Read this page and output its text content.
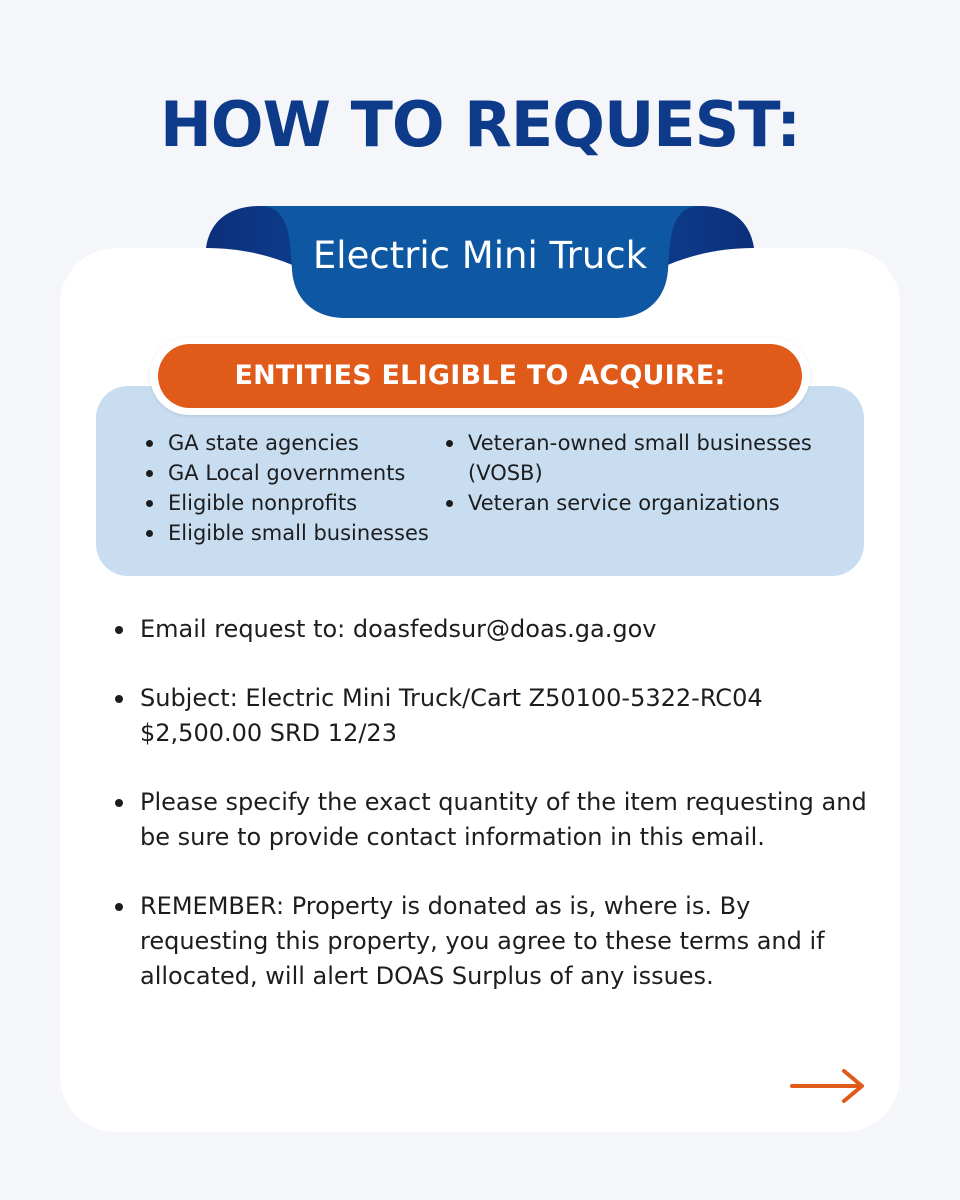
HOW TO REQUEST:
Electric Mini Truck
ENTITIES ELIGIBLE TO ACQUIRE:
GA state agencies
GA Local governments
Eligible nonprofits
Eligible small businesses
Veteran-owned small businesses (VOSB)
Veteran service organizations
Email request to: doasfedsur@doas.ga.gov
Subject: Electric Mini Truck/Cart Z50100-5322-RC04 $2,500.00 SRD 12/23
Please specify the exact quantity of the item requesting and be sure to provide contact information in this email.
REMEMBER: Property is donated as is, where is. By requesting this property, you agree to these terms and if allocated, will alert DOAS Surplus of any issues.
